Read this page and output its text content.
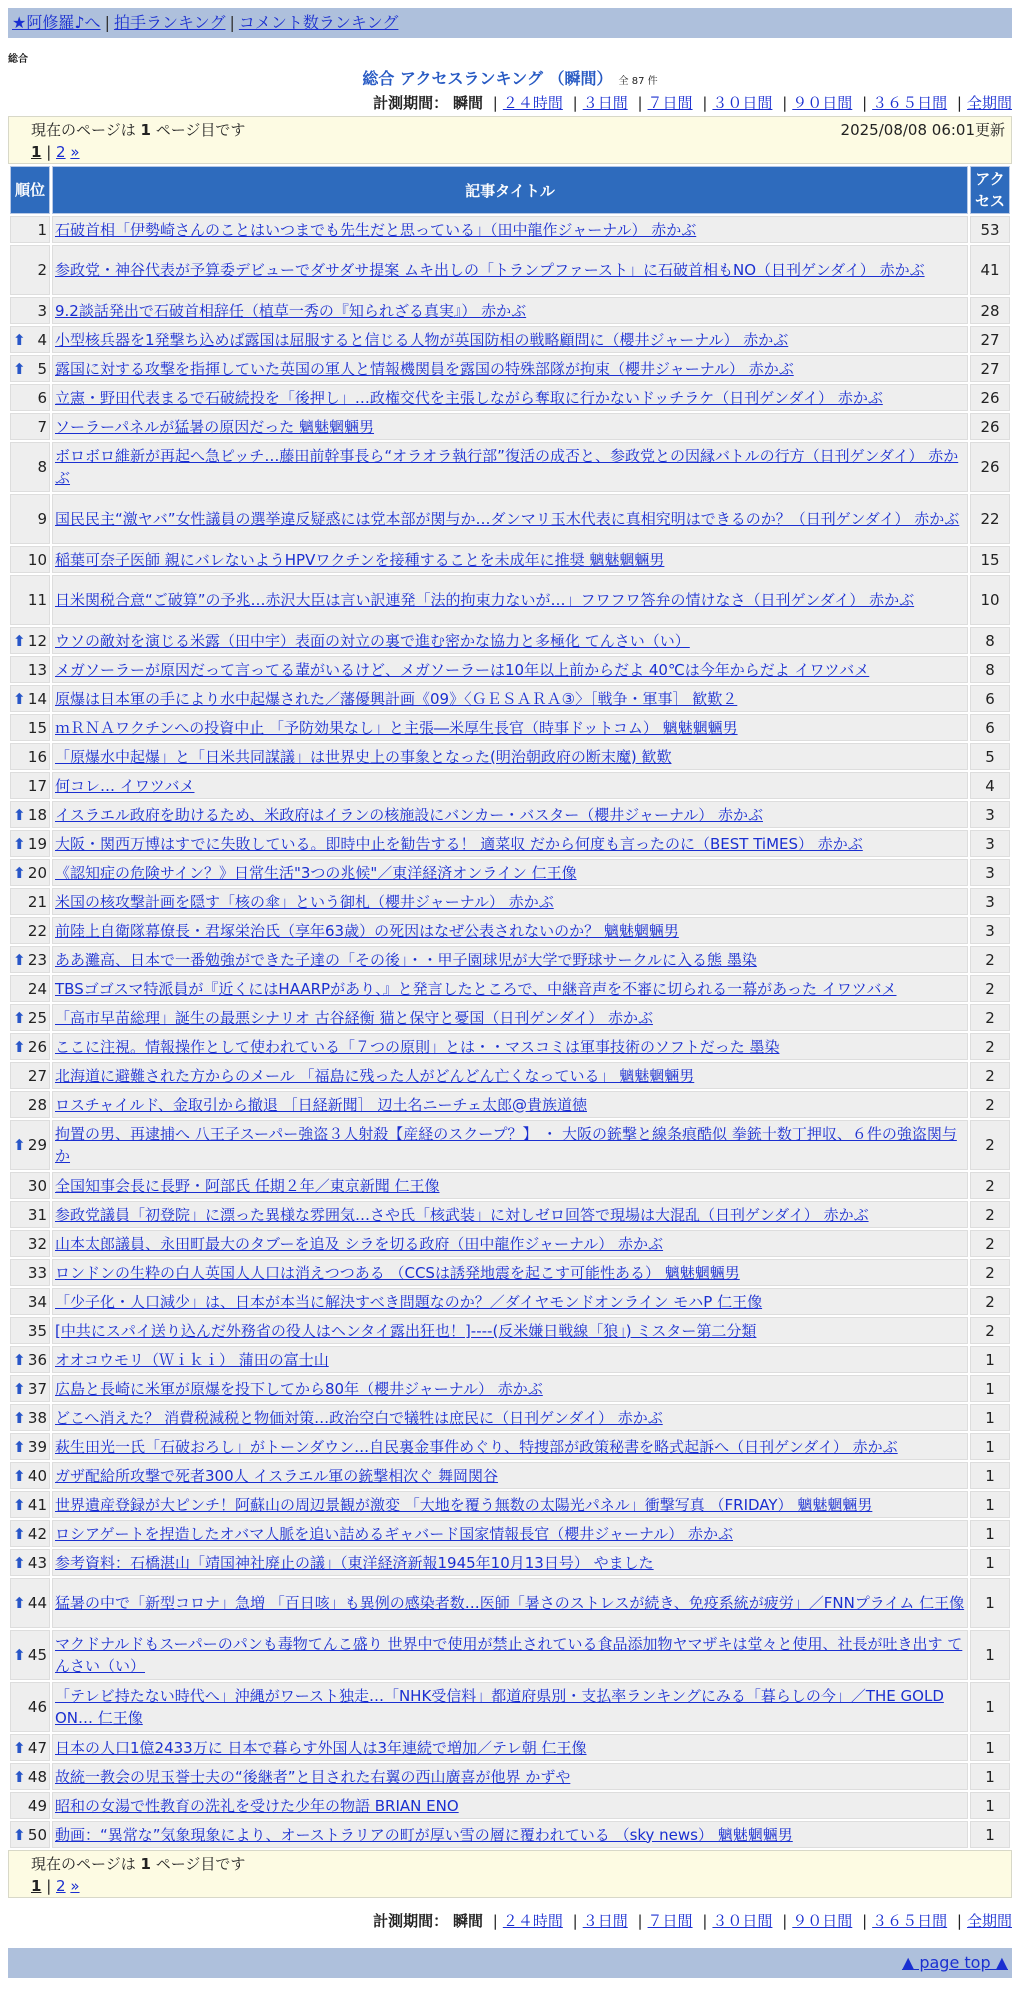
★阿修羅♪へ | 拍手ランキング | コメント数ランキング
総合
総合 アクセスランキング （瞬間） 全 87 件
計測期間： 瞬間 | ２４時間 | ３日間 | ７日間 | ３０日間 | ９０日間 | ３６５日間 | 全期間
現在のページは 1 ページ目です	2025/08/08 06:01更新
1 | 2 »
順位	記事タイトル	アクセス
1	石破首相「伊勢崎さんのことはいつまでも先生だと思っている」（田中龍作ジャーナル） 赤かぶ	53
2	参政党・神谷代表が予算委デビューでダサダサ提案 ムキ出しの「トランプファースト」に石破首相もNO（日刊ゲンダイ） 赤かぶ	41
3	9.2談話発出で石破首相辞任（植草一秀の『知られざる真実』） 赤かぶ	28

⬆ 4	小型核兵器を1発撃ち込めば露国は屈服すると信じる人物が英国防相の戦略顧問に（櫻井ジャーナル） 赤かぶ	27

⬆ 5	露国に対する攻撃を指揮していた英国の軍人と情報機関員を露国の特殊部隊が拘束（櫻井ジャーナル） 赤かぶ	27
6	立憲・野田代表まるで石破続投を「後押し」…政権交代を主張しながら奪取に行かないドッチラケ（日刊ゲンダイ） 赤かぶ	26
7	ソーラーパネルが猛暑の原因だった 魑魅魍魎男	26
8	ボロボロ維新が再起へ急ピッチ…藤田前幹事長ら“オラオラ執行部”復活の成否と、参政党との因縁バトルの行方（日刊ゲンダイ） 赤かぶ	26
9	国民民主“激ヤバ”女性議員の選挙違反疑惑には党本部が関与か…ダンマリ玉木代表に真相究明はできるのか？（日刊ゲンダイ） 赤かぶ	22
10	稲葉可奈子医師 親にバレないようHPVワクチンを接種することを未成年に推奨 魑魅魍魎男	15
11	日米関税合意“ご破算”の予兆…赤沢大臣は言い訳連発「法的拘束力ないが…」フワフワ答弁の情けなさ（日刊ゲンダイ） 赤かぶ	10

⬆ 12	ウソの敵対を演じる米露（田中宇）表面の対立の裏で進む密かな協力と多極化 てんさい（い）	8
13	メガソーラーが原因だって言ってる輩がいるけど、メガソーラーは10年以上前からだよ 40℃は今年からだよ イワツバメ	8

⬆ 14	原爆は日本軍の手により水中起爆された／藩優興計画《09》〈ＧＥＳＡＲＡ③〉［戦争・軍事］ 歓歎２	6
15	ｍＲＮＡワクチンへの投資中止 「予防効果なし」と主張―米厚生長官（時事ドットコム） 魑魅魍魎男	6
16	「原爆水中起爆」と「日米共同謀議」は世界史上の事象となった(明治朝政府の断末魔) 歓歎	5
17	何コレ… イワツバメ	4

⬆ 18	イスラエル政府を助けるため、米政府はイランの核施設にバンカー・バスター（櫻井ジャーナル） 赤かぶ	3

⬆ 19	大阪・関西万博はすでに失敗している。即時中止を勧告する！ 適菜収 だから何度も言ったのに（BEST TiMES） 赤かぶ	3

⬆ 20	《認知症の危険サイン？》日常生活"3つの兆候"／東洋経済オンライン 仁王像	3
21	米国の核攻撃計画を隠す「核の傘」という御札（櫻井ジャーナル） 赤かぶ	3
22	前陸上自衛隊幕僚長・君塚栄治氏（享年63歳）の死因はなぜ公表されないのか？ 魑魅魍魎男	3

⬆ 23	ああ灘高、日本で一番勉強ができた子達の「その後」・・甲子園球児が大学で野球サークルに入る態 墨染	2
24	TBSゴゴスマ特派員が『近くにはHAARPがあり、』と発言したところで、中継音声を不審に切られる一幕があった イワツバメ	2

⬆ 25	「高市早苗総理」誕生の最悪シナリオ 古谷経衡 猫と保守と憂国（日刊ゲンダイ） 赤かぶ	2

⬆ 26	ここに注視。情報操作として使われている「７つの原則」とは・・マスコミは軍事技術のソフトだった 墨染	2
27	北海道に避難された方からのメール 「福島に残った人がどんどん亡くなっている」 魑魅魍魎男	2
28	ロスチャイルド、金取引から撤退 ［日経新聞］ 辺土名ニーチェ太郎@貴族道徳	2

⬆ 29	拘置の男、再逮捕へ 八王子スーパー強盗３人射殺【産経のスクープ？】 ・ 大阪の銃撃と線条痕酷似 拳銃十数丁押収、６件の強盗関与か	2
30	全国知事会長に長野・阿部氏 任期２年／東京新聞 仁王像	2
31	参政党議員「初登院」に漂った異様な雰囲気…さや氏「核武装」に対しゼロ回答で現場は大混乱（日刊ゲンダイ） 赤かぶ	2
32	山本太郎議員、永田町最大のタブーを追及 シラを切る政府（田中龍作ジャーナル） 赤かぶ	2
33	ロンドンの生粋の白人英国人人口は消えつつある （CCSは誘発地震を起こす可能性ある） 魑魅魍魎男	2
34	「少子化・人口減少」は、日本が本当に解決すべき問題なのか？／ダイヤモンドオンライン モハP 仁王像	2
35	[中共にスパイ送り込んだ外務省の役人はヘンタイ露出狂也！]----(反米嫌日戦線「狼」) ミスター第二分類	2

⬆ 36	オオコウモリ（Ｗｉｋｉ） 蒲田の富士山	1

⬆ 37	広島と長崎に米軍が原爆を投下してから80年（櫻井ジャーナル） 赤かぶ	1

⬆ 38	どこへ消えた？ 消費税減税と物価対策…政治空白で犠牲は庶民に（日刊ゲンダイ） 赤かぶ	1

⬆ 39	萩生田光一氏「石破おろし」がトーンダウン…自民裏金事件めぐり、特捜部が政策秘書を略式起訴へ（日刊ゲンダイ） 赤かぶ	1

⬆ 40	ガザ配給所攻撃で死者300人 イスラエル軍の銃撃相次ぐ 舞岡関谷	1

⬆ 41	世界遺産登録が大ピンチ！阿蘇山の周辺景観が激変 「大地を覆う無数の太陽光パネル」衝撃写真 （FRIDAY） 魑魅魍魎男	1

⬆ 42	ロシアゲートを捏造したオバマ人脈を追い詰めるギャバード国家情報長官（櫻井ジャーナル） 赤かぶ	1

⬆ 43	参考資料：石橋湛山「靖国神社廃止の議」（東洋経済新報1945年10月13日号） やました	1

⬆ 44	猛暑の中で「新型コロナ」急増 「百日咳」も異例の感染者数…医師「暑さのストレスが続き、免疫系統が疲労」／FNNプライム 仁王像	1

⬆ 45	マクドナルドもスーパーのパンも毒物てんこ盛り 世界中で使用が禁止されている食品添加物ヤマザキは堂々と使用、社長が吐き出す てんさい（い）	1
46	「テレビ持たない時代へ」沖縄がワースト独走…「NHK受信料」都道府県別・支払率ランキングにみる「暮らしの今」／THE GOLD ON… 仁王像	1

⬆ 47	日本の人口1億2433万に 日本で暮らす外国人は3年連続で増加／テレ朝 仁王像	1

⬆ 48	故統一教会の児玉誉士夫の“後継者”と目された右翼の西山廣喜が他界 かずや	1
49	昭和の女湯で性教育の洗礼を受けた少年の物語 BRIAN ENO	1

⬆ 50	動画：“異常な”気象現象により、オーストラリアの町が厚い雪の層に覆われている （sky news） 魑魅魍魎男	1
現在のページは 1 ページ目です
1 | 2 »
計測期間： 瞬間 | ２４時間 | ３日間 | ７日間 | ３０日間 | ９０日間 | ３６５日間 | 全期間
▲ page top ▲
